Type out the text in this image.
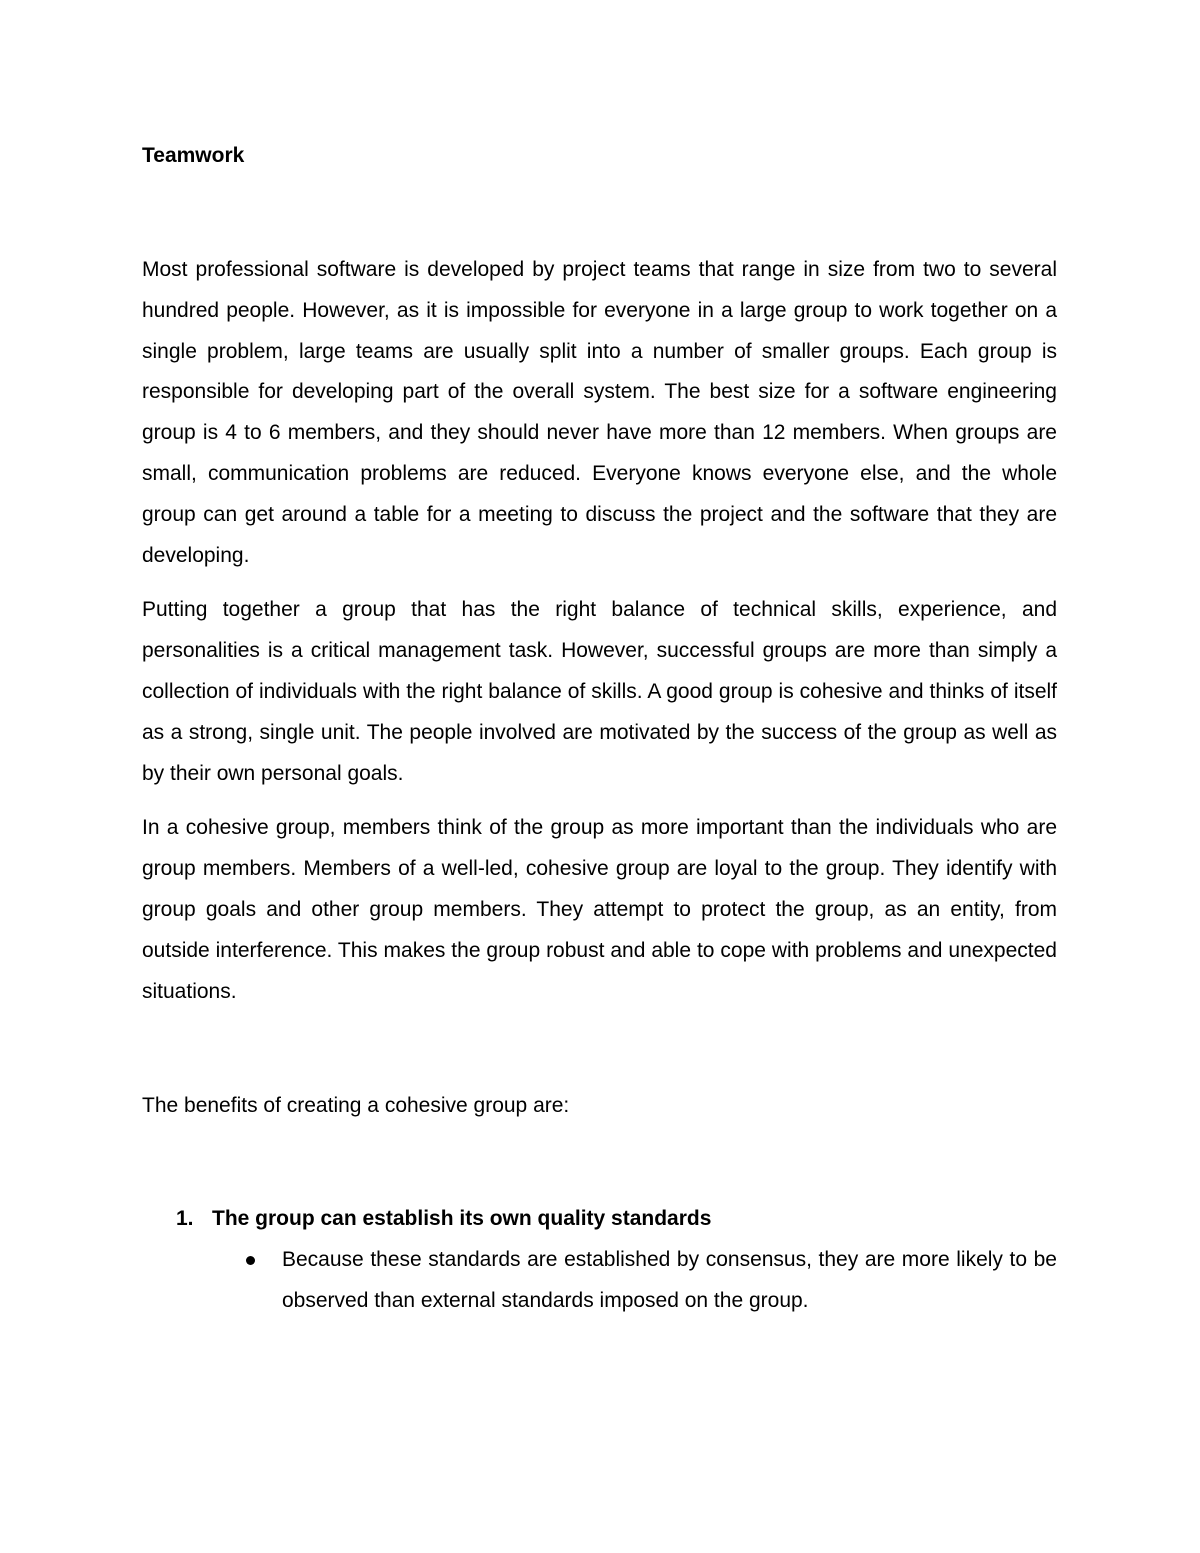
Teamwork

Most professional software is developed by project teams that range in size from two to several hundred people. However, as it is impossible for everyone in a large group to work together on a single problem, large teams are usually split into a number of smaller groups. Each group is responsible for developing part of the overall system. The best size for a software engineering group is 4 to 6 members, and they should never have more than 12 members. When groups are small, communication problems are reduced. Everyone knows everyone else, and the whole group can get around a table for a meeting to discuss the project and the software that they are developing.

Putting together a group that has the right balance of technical skills, experience, and personalities is a critical management task. However, successful groups are more than simply a collection of individuals with the right balance of skills. A good group is cohesive and thinks of itself as a strong, single unit. The people involved are motivated by the success of the group as well as by their own personal goals.

In a cohesive group, members think of the group as more important than the individuals who are group members. Members of a well-led, cohesive group are loyal to the group. They identify with group goals and other group members. They attempt to protect the group, as an entity, from outside interference. This makes the group robust and able to cope with problems and unexpected situations.

The benefits of creating a cohesive group are:

1. The group can establish its own quality standards
Because these standards are established by consensus, they are more likely to be observed than external standards imposed on the group.
